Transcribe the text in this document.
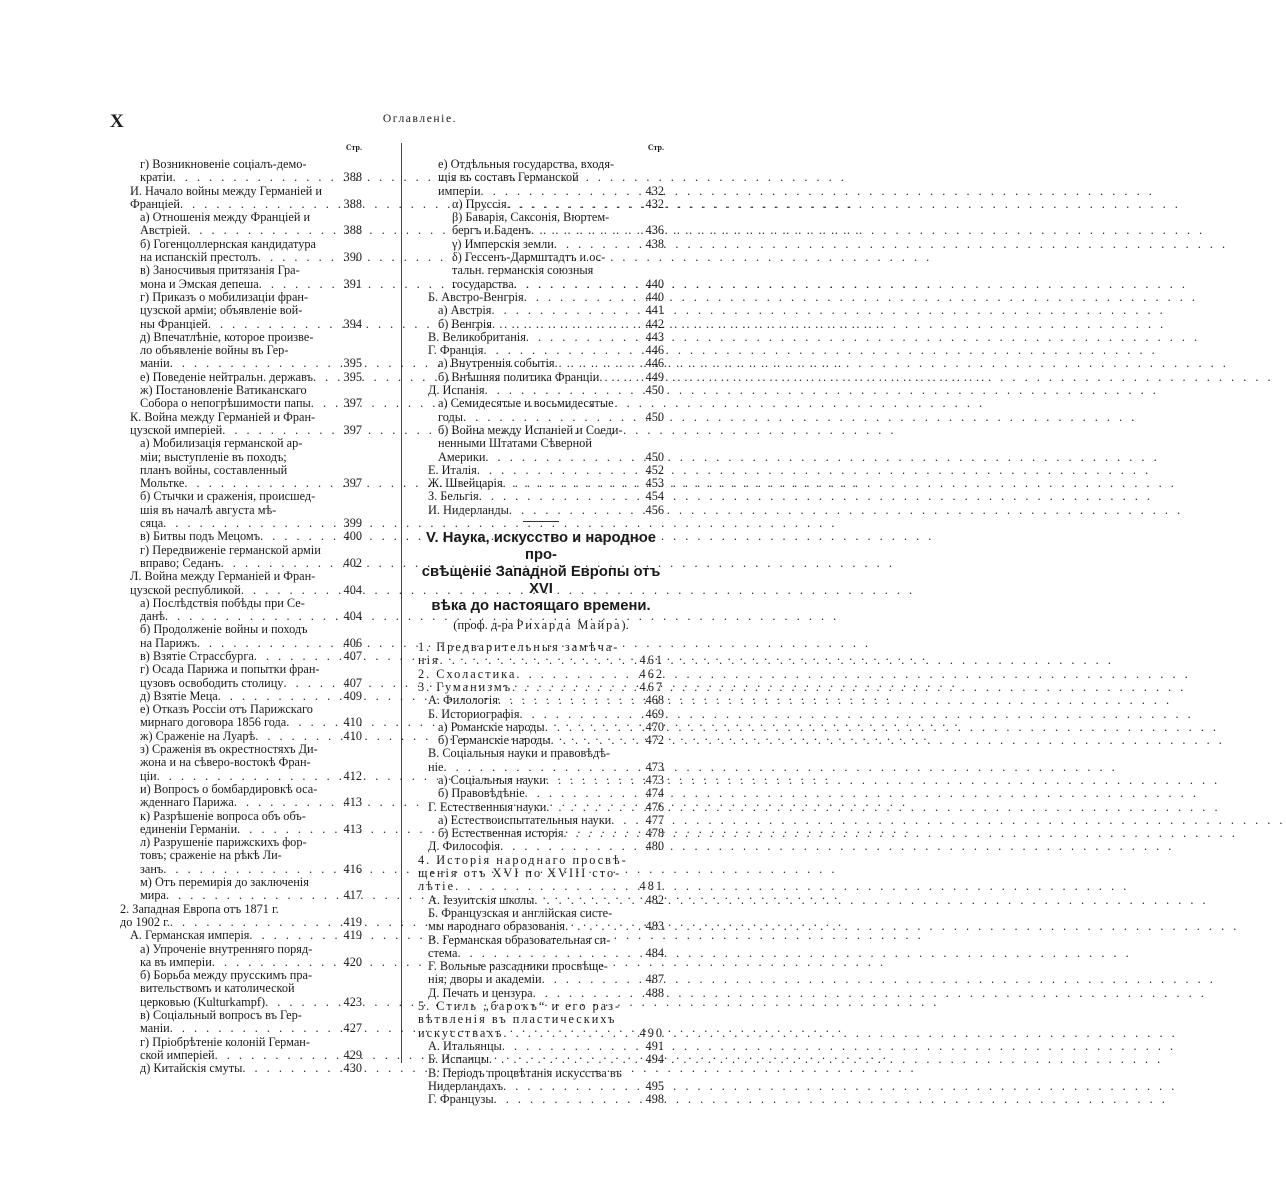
X	Оглавленіе.
Стр.
г) Возникновеніе соціалъ-демо-
кратіи . . .	388
И. Начало войны между Германіей и
Франціей . . .	388
а) Отношенія между Франціей и
Австріей . . .	388
б) Гогенцоллернская кандидатура
на испанскій престолъ . . .	390
в) Заносчивыя притязанія Гра-
мона и Эмская депеша . . .	391
г) Приказъ о мобилизаціи фран-
цузской арміи; объявленіе вой-
ны Франціей . . .	394
д) Впечатлѣніе, которое произве-
ло объявленіе войны въ Гер-
маніи . . .	395
е) Поведеніе нейтральн. державъ . . .	395
ж) Постановленіе Ватиканскаго
Собора о непогрѣшимости папы . . .	397
К. Война между Германіей и Фран-
цузской имперіей . . .	397
а) Мобилизація германской ар-
міи; выступленіе въ походъ;
планъ войны, составленный
Мольтке . . .	397
б) Стычки и сраженія, происшед-
шія въ началѣ августа мѣ-
сяца . . .	399
в) Битвы подъ Мецомъ . . .	400
г) Передвиженіе германской арміи
вправо; Седанъ . . .	402
Л. Война между Германіей и Фран-
цузской республикой . . .	404
а) Послѣдствія побѣды при Се-
данѣ . . .	404
б) Продолженіе войны и походъ
на Парижъ . . .	406
в) Взятіе Страссбурга . . .	407
г) Осада Парижа и попытки фран-
цузовъ освободить столицу . . .	407
д) Взятіе Меца . . .	409
е) Отказъ Россіи отъ Парижскаго
мирнаго договора 1856 года . . .	410
ж) Сраженіе на Луарѣ . . .	410
з) Сраженія въ окрестностяхъ Ди-
жона и на сѣверо-востокѣ Фран-
ціи . . .	412
и) Вопросъ о бомбардировкѣ оса-
жденнаго Парижа . . .	413
к) Разрѣшеніе вопроса объ объ-
единеніи Германіи . . .	413
л) Разрушеніе парижскихъ фор-
товъ; сраженіе на рѣкѣ Ли-
занъ . . .	416
м) Отъ перемирія до заключенія
мира . . .	417
2. Западная Европа отъ 1871 г.
до 1902 г. . . .	419
А. Германская имперія . . .	419
а) Упроченіе внутренняго поряд-
ка въ имперіи . . .	420
б) Борьба между прусскимъ пра-
вительствомъ и католической
церковью (Kulturkampf) . . .	423
в) Соціальный вопросъ въ Гер-
маніи . . .	427
г) Пріобрѣтеніе колоній Герман-
ской имперіей . . .	429
д) Китайскія смуты . . .	430
Стр.
е) Отдѣльныя государства, входя-
щія въ составъ Германской
имперіи . . .	432
α) Пруссія . . .	432
β) Баварія, Саксонія, Вюртем-
бергъ и Баденъ . . .	436
γ) Имперскія земли . . .	438
δ) Гессенъ-Дармштадтъ и ос-
тальн. германскія союзныя
государства . . .	440
Б. Австро-Венгрія . . .	440
а) Австрія . . .	441
б) Венгрія . . .	442
В. Великобританія . . .	443
Г. Франція . . .	446
а) Внутреннія событія . . .	446
б) Внѣшняя политика Франціи . . .	449
Д. Испанія . . .	450
а) Семидесятые и восьмидесятые
годы . . .	450
б) Война между Испаніей и Соеди-
ненными Штатами Сѣверной
Америки . . .	450
Е. Италія . . .	452
Ж. Швейцарія . . .	453
З. Бельгія . . .	454
И. Нидерланды . . .	456
V. Наука, искусство и народное про-
свѣщеніе Западной Европы отъ XVI
вѣка до настоящаго времени.
(проф. д-ра Рихарда Майра).
1. Предварительныя замѣча-
нія . . .	461
2. Схоластика . . .	462
3. Гуманизмъ . . .	467
А. Филологія . . .	468
Б. Историографія . . .	469
а) Романскіе народы . . .	470
б) Германскіе народы . . .	472
В. Соціальныя науки и правовѣдѣ-
ніе . . .	473
а) Соціальныя науки . . .	473
б) Правовѣдѣніе . . .	474
Г. Естественныя науки . . .	476
а) Естествоиспытательныя науки . . .	477
б) Естественная исторія . . .	478
Д. Философія . . .	480
4. Исторія народнаго просвѣ-
щенія отъ XVI по XVIII сто-
лѣтіе . . .	481
А. Іезуитскія школы . . .	482
Б. Французская и англійская систе-
мы народнаго образованія . . .	483
В. Германская образовательная си-
стема . . .	484
Г. Вольные разсадники просвѣще-
нія; дворы и академіи . . .	487
Д. Печать и цензура . . .	488
5. Стиль „барокъ“ и его раз-
вѣтвленія въ пластическихъ
искусствахъ . . .	490
А. Итальянцы . . .	491
Б. Испанцы . . .	494
В. Періодъ процвѣтанія искусства въ
Нидерландахъ . . .	495
Г. Французы . . .	498
